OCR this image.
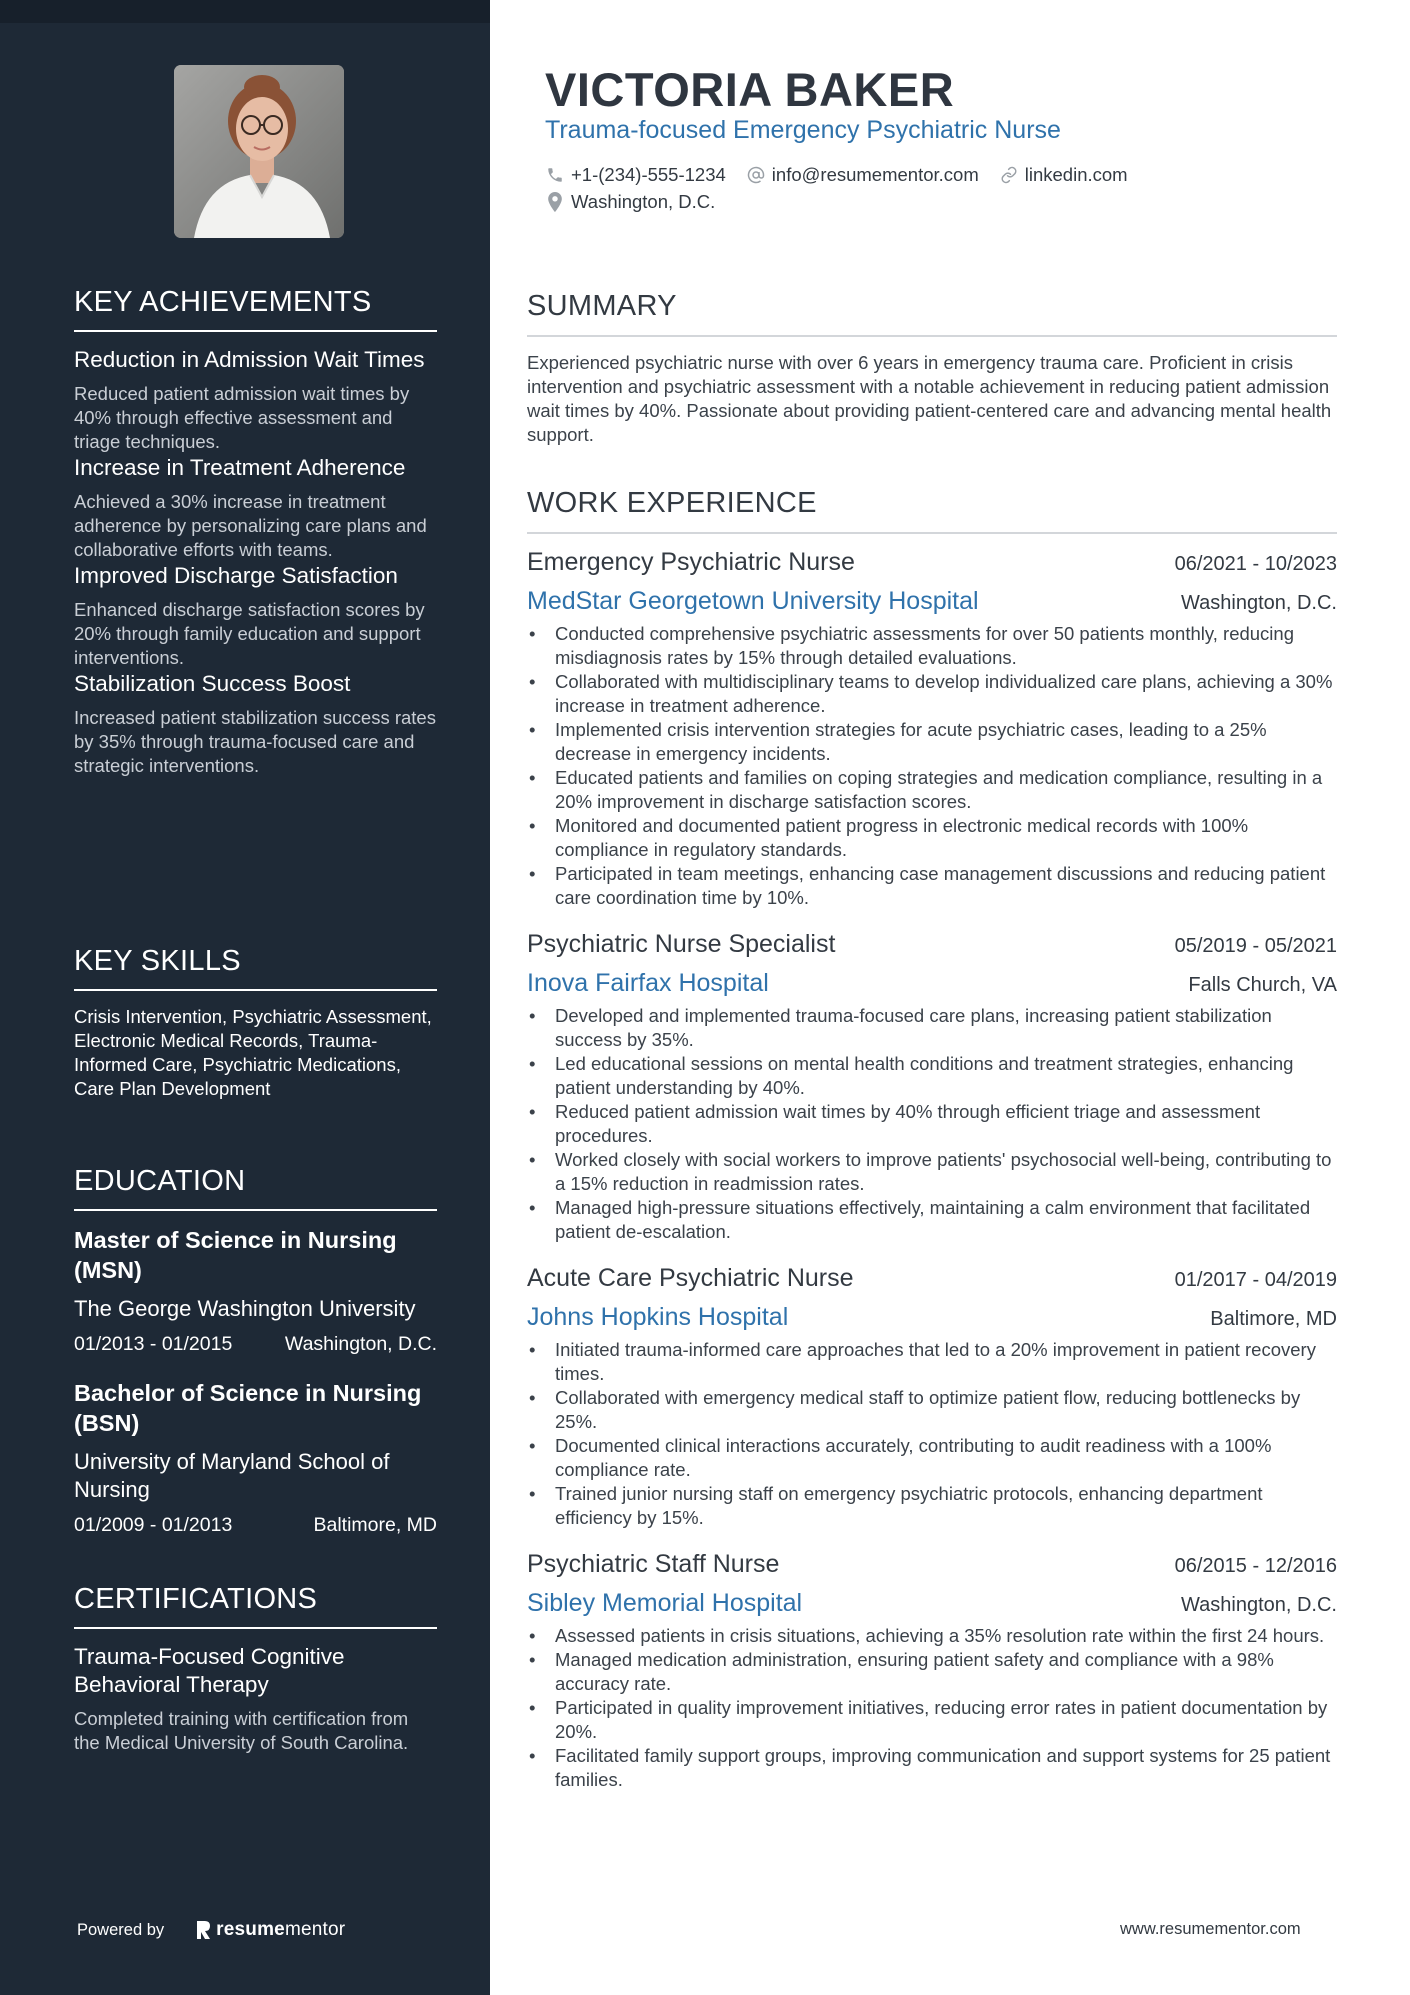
KEY ACHIEVEMENTS
Reduction in Admission Wait Times
Reduced patient admission wait times by 40% through effective assessment and triage techniques.
Increase in Treatment Adherence
Achieved a 30% increase in treatment adherence by personalizing care plans and collaborative efforts with teams.
Improved Discharge Satisfaction
Enhanced discharge satisfaction scores by 20% through family education and support interventions.
Stabilization Success Boost
Increased patient stabilization success rates by 35% through trauma-focused care and strategic interventions.
KEY SKILLS
Crisis Intervention, Psychiatric Assessment, Electronic Medical Records, Trauma-Informed Care, Psychiatric Medications, Care Plan Development
EDUCATION
Master of Science in Nursing (MSN)
The George Washington University
01/2013 - 01/2015	Washington, D.C.
Bachelor of Science in Nursing (BSN)
University of Maryland School of Nursing
01/2009 - 01/2013	Baltimore, MD
CERTIFICATIONS
Trauma-Focused Cognitive Behavioral Therapy
Completed training with certification from the Medical University of South Carolina.
Powered by	resume mentor
VICTORIA BAKER
Trauma-focused Emergency Psychiatric Nurse
+1-(234)-555-1234 info@resumementor.com linkedin.com
Washington, D.C.
SUMMARY

Experienced psychiatric nurse with over 6 years in emergency trauma care. Proficient in crisis intervention and psychiatric assessment with a notable achievement in reducing patient admission wait times by 40%. Passionate about providing patient-centered care and advancing mental health support.

WORK EXPERIENCE
Emergency Psychiatric Nurse	06/2021 - 10/2023
MedStar Georgetown University Hospital	Washington, D.C.
• Conducted comprehensive psychiatric assessments for over 50 patients monthly, reducing misdiagnosis rates by 15% through detailed evaluations.
• Collaborated with multidisciplinary teams to develop individualized care plans, achieving a 30% increase in treatment adherence.
• Implemented crisis intervention strategies for acute psychiatric cases, leading to a 25% decrease in emergency incidents.
• Educated patients and families on coping strategies and medication compliance, resulting in a 20% improvement in discharge satisfaction scores.
• Monitored and documented patient progress in electronic medical records with 100% compliance in regulatory standards.
• Participated in team meetings, enhancing case management discussions and reducing patient care coordination time by 10%.
Psychiatric Nurse Specialist	05/2019 - 05/2021
Inova Fairfax Hospital	Falls Church, VA
• Developed and implemented trauma-focused care plans, increasing patient stabilization success by 35%.
• Led educational sessions on mental health conditions and treatment strategies, enhancing patient understanding by 40%.
• Reduced patient admission wait times by 40% through efficient triage and assessment procedures.
• Worked closely with social workers to improve patients' psychosocial well-being, contributing to a 15% reduction in readmission rates.
• Managed high-pressure situations effectively, maintaining a calm environment that facilitated patient de-escalation.
Acute Care Psychiatric Nurse	01/2017 - 04/2019
Johns Hopkins Hospital	Baltimore, MD
• Initiated trauma-informed care approaches that led to a 20% improvement in patient recovery times.
• Collaborated with emergency medical staff to optimize patient flow, reducing bottlenecks by 25%.
• Documented clinical interactions accurately, contributing to audit readiness with a 100% compliance rate.
• Trained junior nursing staff on emergency psychiatric protocols, enhancing department efficiency by 15%.
Psychiatric Staff Nurse	06/2015 - 12/2016
Sibley Memorial Hospital	Washington, D.C.
• Assessed patients in crisis situations, achieving a 35% resolution rate within the first 24 hours.
• Managed medication administration, ensuring patient safety and compliance with a 98% accuracy rate.
• Participated in quality improvement initiatives, reducing error rates in patient documentation by 20%.
• Facilitated family support groups, improving communication and support systems for 25 patient families.
www.resumementor.com
